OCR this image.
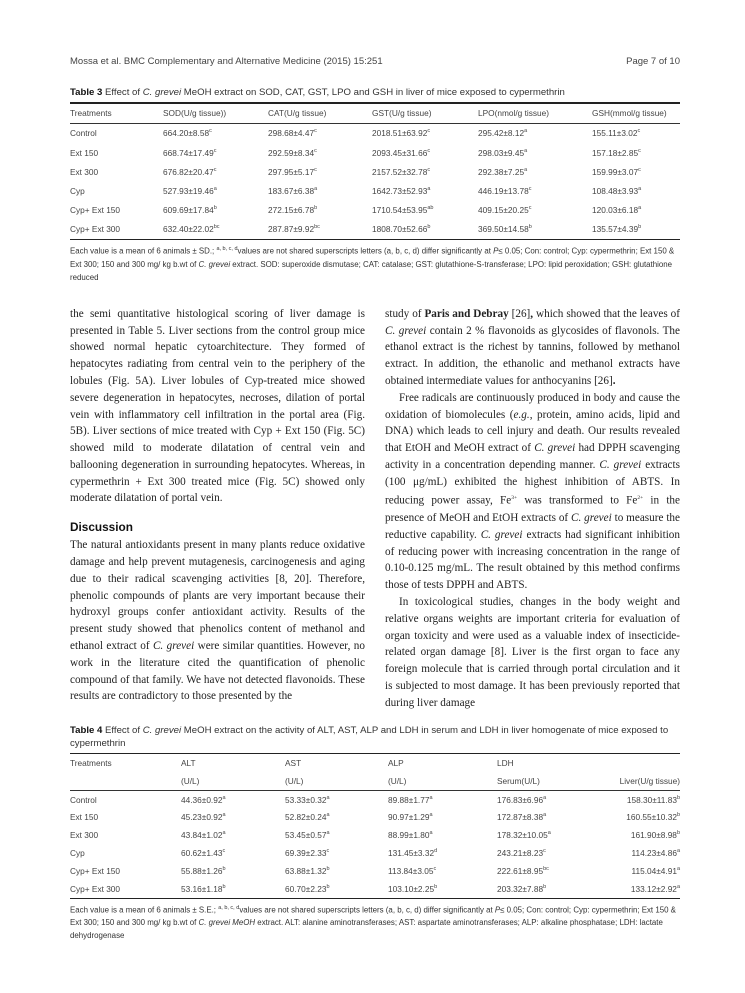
Mossa et al. BMC Complementary and Alternative Medicine (2015) 15:251	Page 7 of 10
Table 3 Effect of C. grevei MeOH extract on SOD, CAT, GST, LPO and GSH in liver of mice exposed to cypermethrin
Treatments	SOD(U/g tissue))	CAT(U/g tissue)	GST(U/g tissue)	LPO(nmol/g tissue)	GSH(mmol/g tissue)

Control	664.20±8.58$^c$	298.68±4.47$^c$	2018.51±63.92$^c$	295.42±8.12$^a$	155.11±3.02$^c$
Ext 150	668.74±17.49$^c$	292.59±8.34$^c$	2093.45±31.66$^c$	298.03±9.45$^a$	157.18±2.85$^c$
Ext 300	676.82±20.47$^c$	297.95±5.17$^c$	2157.52±32.78$^c$	292.38±7.25$^a$	159.99±3.07$^c$
Cyp	527.93±19.46$^a$	183.67±6.38$^a$	1642.73±52.93$^a$	446.19±13.78$^c$	108.48±3.93$^a$
Cyp+ Ext 150	609.69±17.84$^b$	272.15±6.78$^b$	1710.54±53.95$^{ab}$	409.15±20.25$^c$	120.03±6.18$^a$
Cyp+ Ext 300	632.40±22.02$^{bc}$	287.87±9.92$^{bc}$	1808.70±52.66$^b$	369.50±14.58$^b$	135.57±4.39$^b$
Each value is a mean of 6 animals ± SD.; $^{a, b, c, d}$values are not shared superscripts letters (a, b, c, d) differ significantly at P≤ 0.05; Con: control; Cyp: cypermethrin; Ext 150 & Ext 300; 150 and 300 mg/ kg b.wt of C. grevei extract. SOD: superoxide dismutase; CAT: catalase; GST: glutathione-S-transferase; LPO: lipid peroxidation; GSH: glutathione reduced

the semi quantitative histological scoring of liver damage is presented in Table 5. Liver sections from the control group mice showed normal hepatic cytoarchitecture. They formed of hepatocytes radiating from central vein to the periphery of the lobules (Fig. 5A). Liver lobules of Cyp-treated mice showed severe degeneration in hepatocytes, necroses, dilation of portal vein with inflammatory cell infiltration in the portal area (Fig. 5B). Liver sections of mice treated with Cyp + Ext 150 (Fig. 5C) showed mild to moderate dilatation of central vein and ballooning degeneration in surrounding hepatocytes. Whereas, in cypermethrin + Ext 300 treated mice (Fig. 5C) showed only moderate dilatation of portal vein.

Discussion

The natural antioxidants present in many plants reduce oxidative damage and help prevent mutagenesis, carcinogenesis and aging due to their radical scavenging activities [8, 20]. Therefore, phenolic compounds of plants are very important because their hydroxyl groups confer antioxidant activity. Results of the present study showed that phenolics content of methanol and ethanol extract of C. grevei were similar quantities. However, no work in the literature cited the quantification of phenolic compound of that family. We have not detected flavonoids. These results are contradictory to those presented by the

study of Paris and Debray [26], which showed that the leaves of C. grevei contain 2 % flavonoids as glycosides of flavonols. The ethanol extract is the richest by tannins, followed by methanol extract. In addition, the ethanolic and methanol extracts have obtained intermediate values for anthocyanins [26].

Free radicals are continuously produced in body and cause the oxidation of biomolecules (e.g., protein, amino acids, lipid and DNA) which leads to cell injury and death. Our results revealed that EtOH and MeOH extract of C. grevei had DPPH scavenging activity in a concentration depending manner. C. grevei extracts (100 μg/mL) exhibited the highest inhibition of ABTS. In reducing power assay, $Fe^{3+}$ was transformed to $Fe^{2+}$ in the presence of MeOH and EtOH extracts of C. grevei to measure the reductive capability. C. grevei extracts had significant inhibition of reducing power with increasing concentration in the range of 0.10-0.125 mg/mL. The result obtained by this method confirms those of tests DPPH and ABTS.

In toxicological studies, changes in the body weight and relative organs weights are important criteria for evaluation of organ toxicity and were used as a valuable index of insecticide-related organ damage [8]. Liver is the first organ to face any foreign molecule that is carried through portal circulation and it is subjected to most damage. It has been previously reported that during liver damage

Table 4 Effect of C. grevei MeOH extract on the activity of ALT, AST, ALP and LDH in serum and LDH in liver homogenate of mice exposed to cypermethrin
Treatments	ALT	AST	ALP	LDH	
	(U/L)	(U/L)	(U/L)	Serum(U/L)	Liver(U/g tissue)

Control	44.36±0.92$^a$	53.33±0.32$^a$	89.88±1.77$^a$	176.83±6.96$^a$	158.30±11.83$^b$
Ext 150	45.23±0.92$^a$	52.82±0.24$^a$	90.97±1.29$^a$	172.87±8.38$^a$	160.55±10.32$^b$
Ext 300	43.84±1.02$^a$	53.45±0.57$^a$	88.99±1.80$^a$	178.32±10.05$^a$	161.90±8.98$^b$
Cyp	60.62±1.43$^c$	69.39±2.33$^c$	131.45±3.32$^d$	243.21±8.23$^c$	114.23±4.86$^a$
Cyp+ Ext 150	55.88±1.26$^b$	63.88±1.32$^b$	113.84±3.05$^c$	222.61±8.95$^{bc}$	115.04±4.91$^a$
Cyp+ Ext 300	53.16±1.18$^b$	60.70±2.23$^b$	103.10±2.25$^b$	203.32±7.88$^b$	133.12±2.92$^a$
Each value is a mean of 6 animals ± S.E.; $^{a, b, c, d}$values are not shared superscripts letters (a, b, c, d) differ significantly at P≤ 0.05; Con: control; Cyp: cypermethrin; Ext 150 & Ext 300; 150 and 300 mg/ kg b.wt of C. grevei MeOH extract. ALT: alanine aminotransferases; AST: aspartate aminotransferases; ALP: alkaline phosphatase; LDH: lactate dehydrogenase
